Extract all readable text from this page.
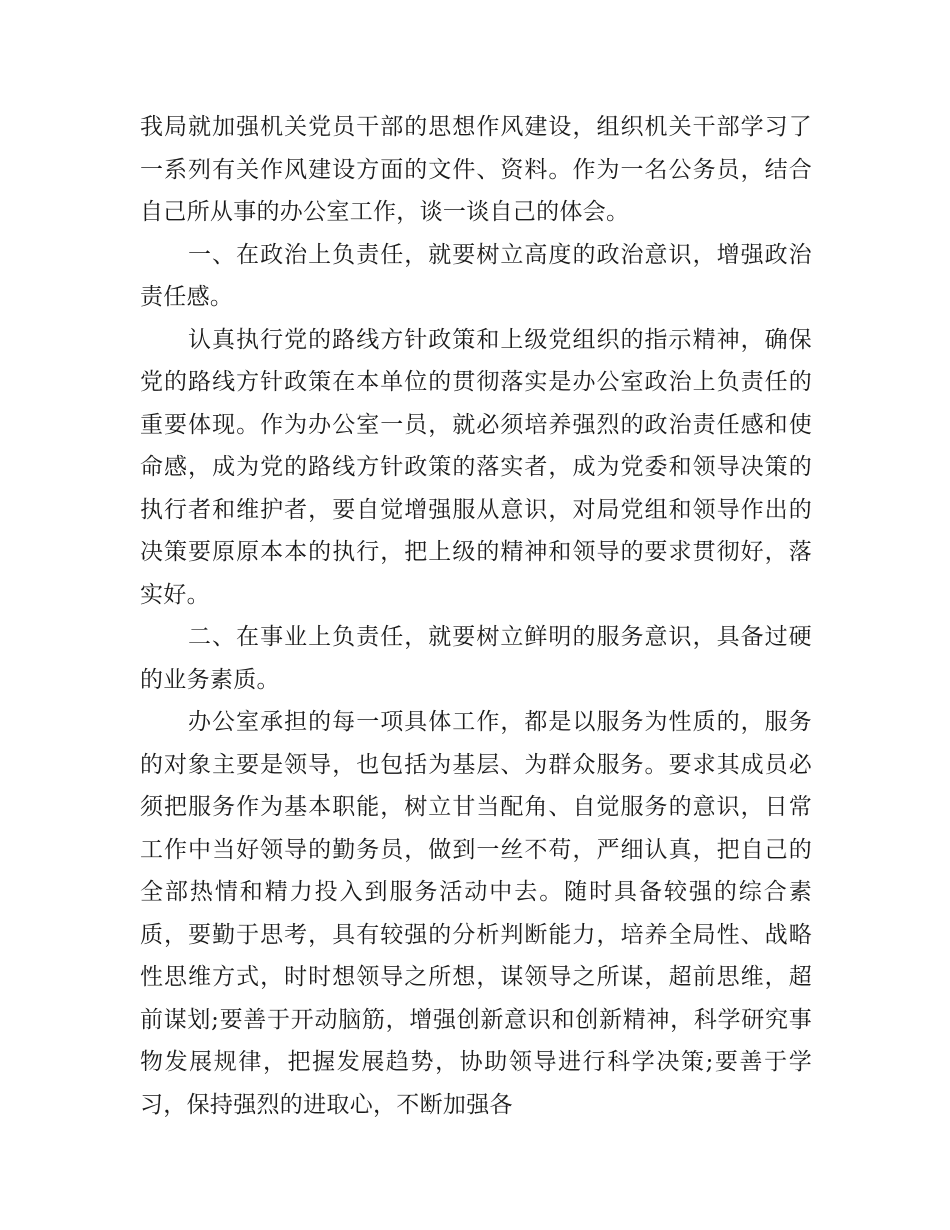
我局就加强机关党员干部的思想作风建设，组织机关干部学习了一系列有关作风建设方面的文件、资料。作为一名公务员，结合自己所从事的办公室工作，谈一谈自己的体会。

一、在政治上负责任，就要树立高度的政治意识，增强政治责任感。

认真执行党的路线方针政策和上级党组织的指示精神，确保党的路线方针政策在本单位的贯彻落实是办公室政治上负责任的重要体现。作为办公室一员，就必须培养强烈的政治责任感和使命感，成为党的路线方针政策的落实者，成为党委和领导决策的执行者和维护者，要自觉增强服从意识，对局党组和领导作出的决策要原原本本的执行，把上级的精神和领导的要求贯彻好，落实好。

二、在事业上负责任，就要树立鲜明的服务意识，具备过硬的业务素质。

办公室承担的每一项具体工作，都是以服务为性质的，服务的对象主要是领导，也包括为基层、为群众服务。要求其成员必须把服务作为基本职能，树立甘当配角、自觉服务的意识，日常工作中当好领导的勤务员，做到一丝不苟，严细认真，把自己的全部热情和精力投入到服务活动中去。随时具备较强的综合素质，要勤于思考，具有较强的分析判断能力，培养全局性、战略性思维方式，时时想领导之所想，谋领导之所谋，超前思维，超前谋划;要善于开动脑筋，增强创新意识和创新精神，科学研究事物发展规律，把握发展趋势，协助领导进行科学决策;要善于学习，保持强烈的进取心，不断加强各
